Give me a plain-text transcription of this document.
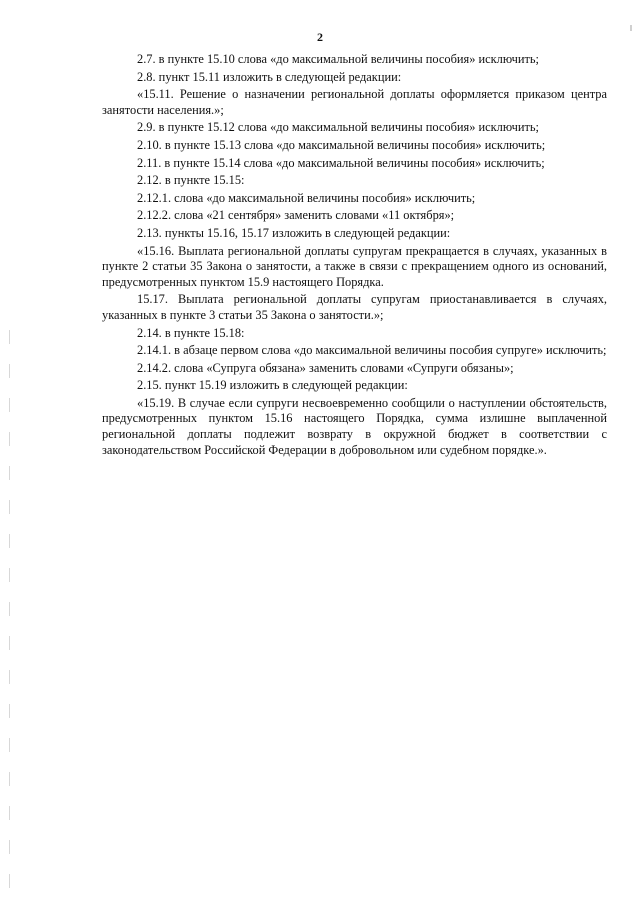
2

2.7. в пункте 15.10 слова «до максимальной величины пособия» исключить;

2.8. пункт 15.11 изложить в следующей редакции:

«15.11. Решение о назначении региональной доплаты оформляется приказом центра занятости населения.»;

2.9. в пункте 15.12 слова «до максимальной величины пособия» исключить;

2.10. в пункте 15.13 слова «до максимальной величины пособия» исключить;

2.11. в пункте 15.14 слова «до максимальной величины пособия» исключить;

2.12. в пункте 15.15:

2.12.1. слова «до максимальной величины пособия» исключить;

2.12.2. слова «21 сентября» заменить словами «11 октября»;

2.13. пункты 15.16, 15.17 изложить в следующей редакции:

«15.16. Выплата региональной доплаты супругам прекращается в случаях, указанных в пункте 2 статьи 35 Закона о занятости, а также в связи с прекращением одного из оснований, предусмотренных пунктом 15.9 настоящего Порядка.

15.17. Выплата региональной доплаты супругам приостанавливается в случаях, указанных в пункте 3 статьи 35 Закона о занятости.»;

2.14. в пункте 15.18:

2.14.1. в абзаце первом слова «до максимальной величины пособия супруге» исключить;

2.14.2. слова «Супруга обязана» заменить словами «Супруги обязаны»;

2.15. пункт 15.19 изложить в следующей редакции:

«15.19. В случае если супруги несвоевременно сообщили о наступлении обстоятельств, предусмотренных пунктом 15.16 настоящего Порядка, сумма излишне выплаченной региональной доплаты подлежит возврату в окружной бюджет в соответствии с законодательством Российской Федерации в добровольном или судебном порядке.».
